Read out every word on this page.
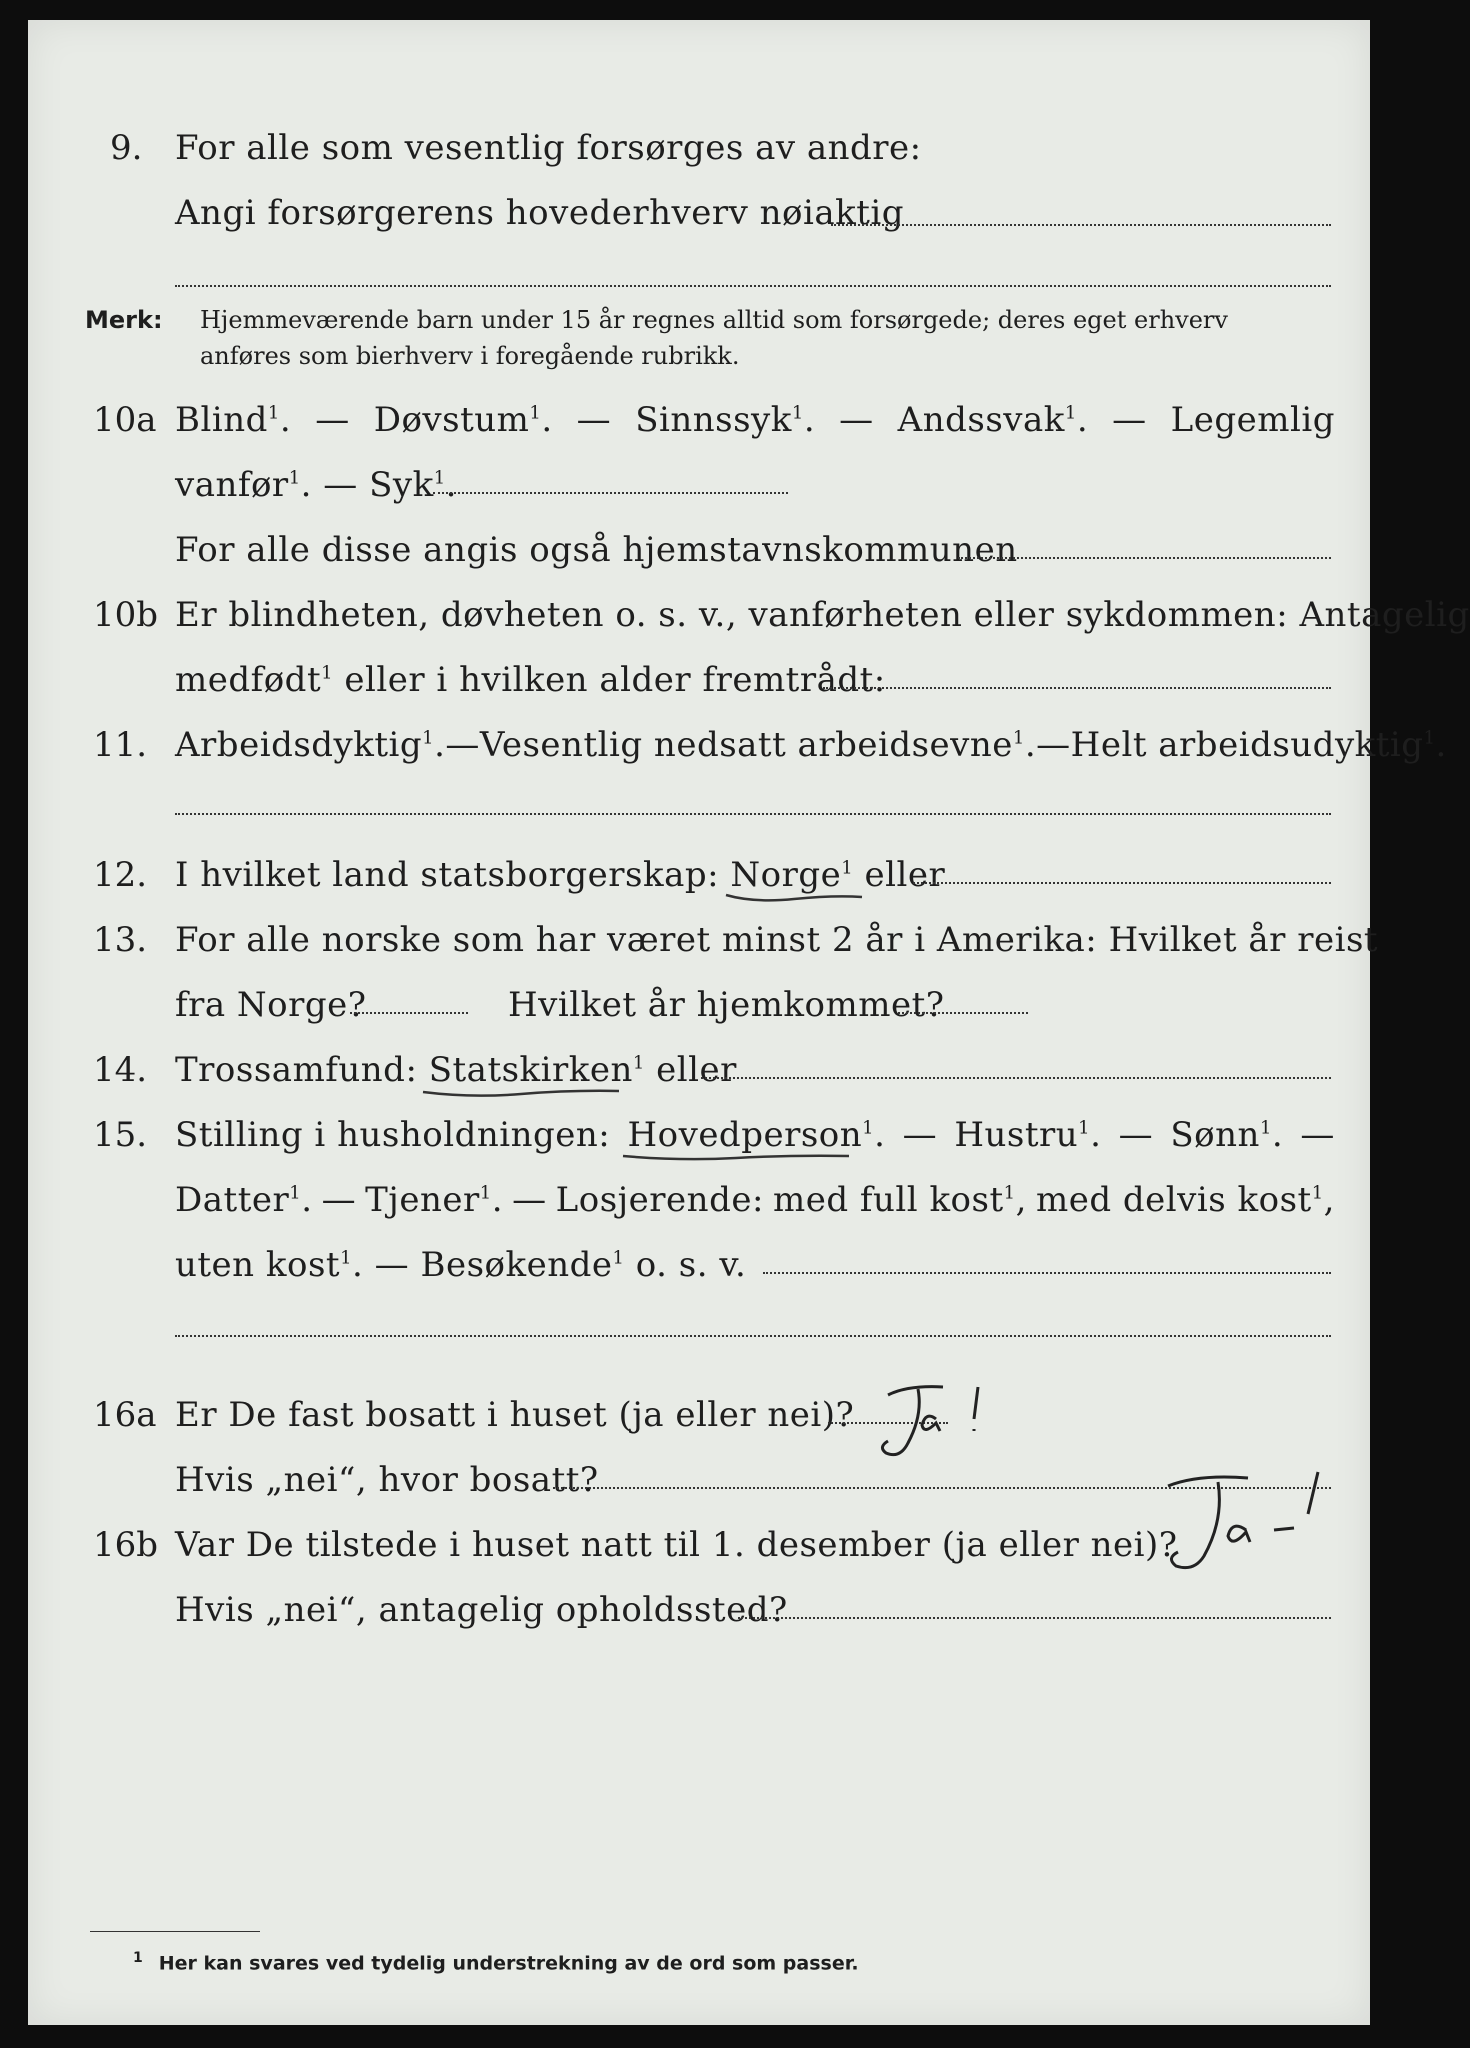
9. For alle som vesentlig forsørges av andre:
Angi forsørgerens hovederhverv nøiaktig
Merk: Hjemmeværende barn under 15 år regnes alltid som forsørgede; deres eget erhverv
anføres som bierhverv i foregående rubrikk.
10a Blind$^1$. — Døvstum$^1$. — Sinnssyk$^1$. — Andssvak$^1$. — Legemlig
vanfør$^1$. — Syk$^1$.
For alle disse angis også hjemstavnskommunen
10b Er blindheten, døvheten o. s. v., vanførheten eller sykdommen: Antagelig
medfødt$^1$ eller i hvilken alder fremtrådt:
11. Arbeidsdyktig$^1$. — Vesentlig nedsatt arbeidsevne$^1$. — Helt arbeidsudyktig$^1$.
12. I hvilket land statsborgerskap: Norge$^1$ eller
13. For alle norske som har været minst 2 år i Amerika: Hvilket år reist
fra Norge?	Hvilket år hjemkommet?
14. Trossamfund: Statskirken$^1$ eller
15. Stilling i husholdningen: Hovedperson$^1$. — Hustru$^1$. — Sønn$^1$. —
Datter$^1$. — Tjener$^1$. — Losjerende: med full kost$^1$, med delvis kost$^1$,
uten kost$^1$. — Besøkende$^1$ o. s. v.
16a Er De fast bosatt i huset (ja eller nei)?
Hvis „nei“, hvor bosatt?
16b Var De tilstede i huset natt til 1. desember (ja eller nei)?
Hvis „nei“, antagelig opholdssted?
$^1$ Her kan svares ved tydelig understrekning av de ord som passer.
